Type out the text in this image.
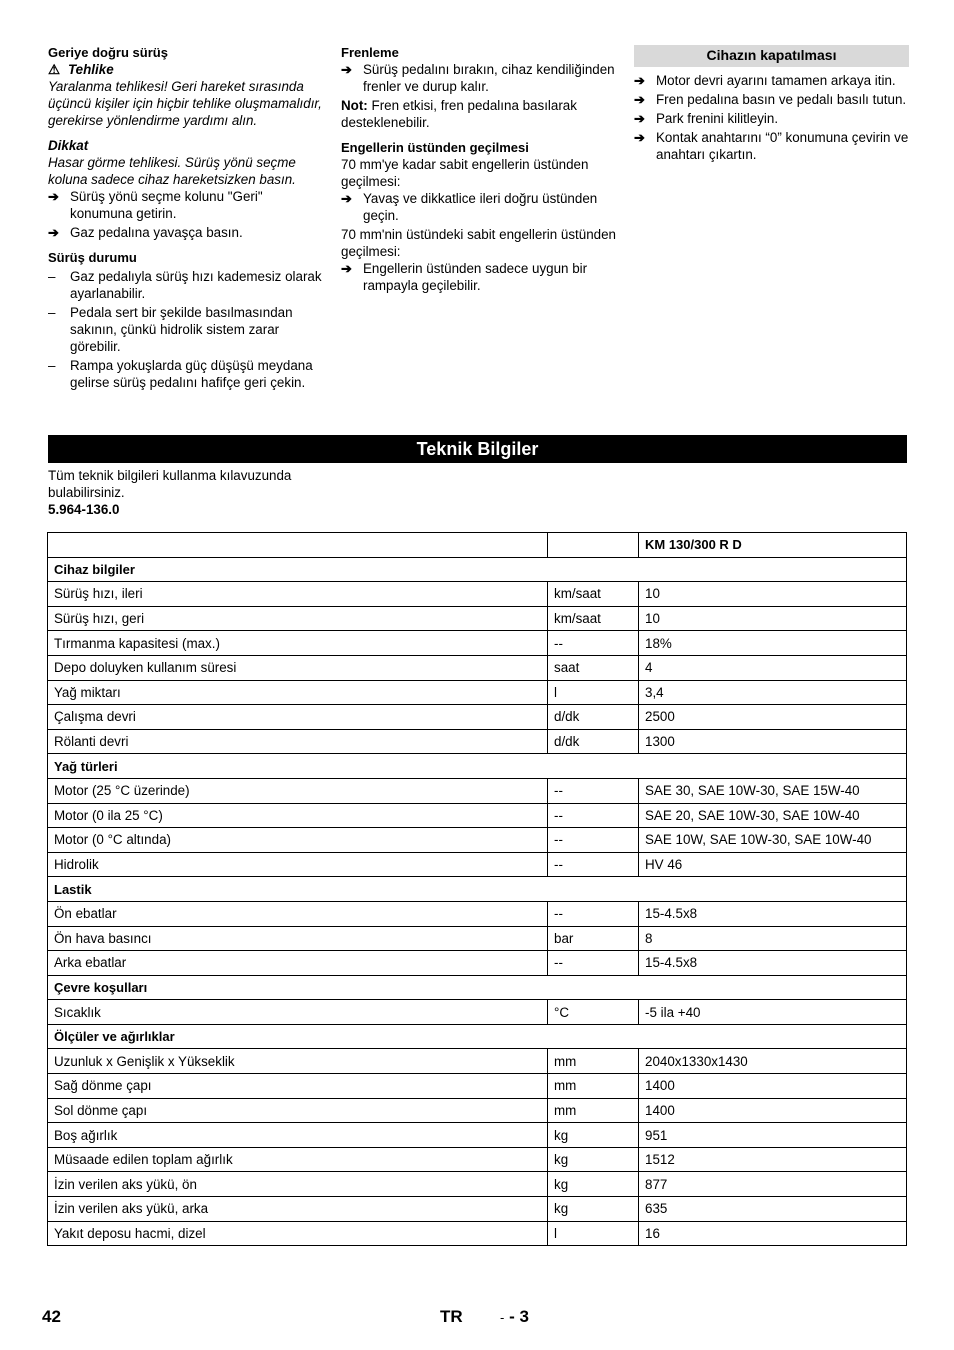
Geriye doğru sürüş

⚠ Tehlike

Yaralanma tehlikesi! Geri hareket sırasında üçüncü kişiler için hiçbir tehlike oluşmamalıdır, gerekirse yönlendirme yardımı alın.

Dikkat

Hasar görme tehlikesi. Sürüş yönü seçme koluna sadece cihaz hareketsizken basın.

➔ Sürüş yönü seçme kolunu "Geri" konumuna getirin.
➔ Gaz pedalına yavaşça basın.

Sürüş durumu

–	Gaz pedalıyla sürüş hızı kademesiz olarak ayarlanabilir.
–	Pedala sert bir şekilde basılmasından sakının, çünkü hidrolik sistem zarar görebilir.
–	Rampa yokuşlarda güç düşüşü meydana gelirse sürüş pedalını hafifçe geri çekin.

Frenleme

➔ Sürüş pedalını bırakın, cihaz kendiliğinden frenler ve durup kalır.

Not: Fren etkisi, fren pedalına basılarak desteklenebilir.

Engellerin üstünden geçilmesi

70 mm'ye kadar sabit engellerin üstünden geçilmesi:

➔ Yavaş ve dikkatlice ileri doğru üstünden geçin.

70 mm'nin üstündeki sabit engellerin üstünden geçilmesi:

➔ Engellerin üstünden sadece uygun bir rampayla geçilebilir.
Cihazın kapatılması
➔ Motor devri ayarını tamamen arkaya itin.
➔ Fren pedalına basın ve pedalı basılı tutun.
➔ Park frenini kilitleyin.
➔ Kontak anahtarını “0” konumuna çevirin ve anahtarı çıkartın.
Teknik Bilgiler

Tüm teknik bilgileri kullanma kılavuzunda bulabilirsiniz.

5.964-136.0

		KM 130/300 R D
Cihaz bilgiler		
Sürüş hızı, ileri	km/saat	10
Sürüş hızı, geri	km/saat	10
Tırmanma kapasitesi (max.)	--	18%
Depo doluyken kullanım süresi	saat	4
Yağ miktarı	l	3,4
Çalışma devri	d/dk	2500
Rölanti devri	d/dk	1300
Yağ türleri		
Motor (25 °C üzerinde)	--	SAE 30, SAE 10W-30, SAE 15W-40
Motor (0 ila 25 °C)	--	SAE 20, SAE 10W-30, SAE 10W-40
Motor (0 °C altında)	--	SAE 10W, SAE 10W-30, SAE 10W-40
Hidrolik	--	HV 46
Lastik		
Ön ebatlar	--	15-4.5x8
Ön hava basıncı	bar	8
Arka ebatlar	--	15-4.5x8
Çevre koşulları		
Sıcaklık	°C	-5 ila +40
Ölçüler ve ağırlıklar		
Uzunluk x Genişlik x Yükseklik	mm	2040x1330x1430
Sağ dönme çapı	mm	1400
Sol dönme çapı	mm	1400
Boş ağırlık	kg	951
Müsaade edilen toplam ağırlık	kg	1512
İzin verilen aks yükü, ön	kg	877
İzin verilen aks yükü, arka	kg	635
Yakıt deposu hacmi, dizel	l	16
42	TR	- - 3
